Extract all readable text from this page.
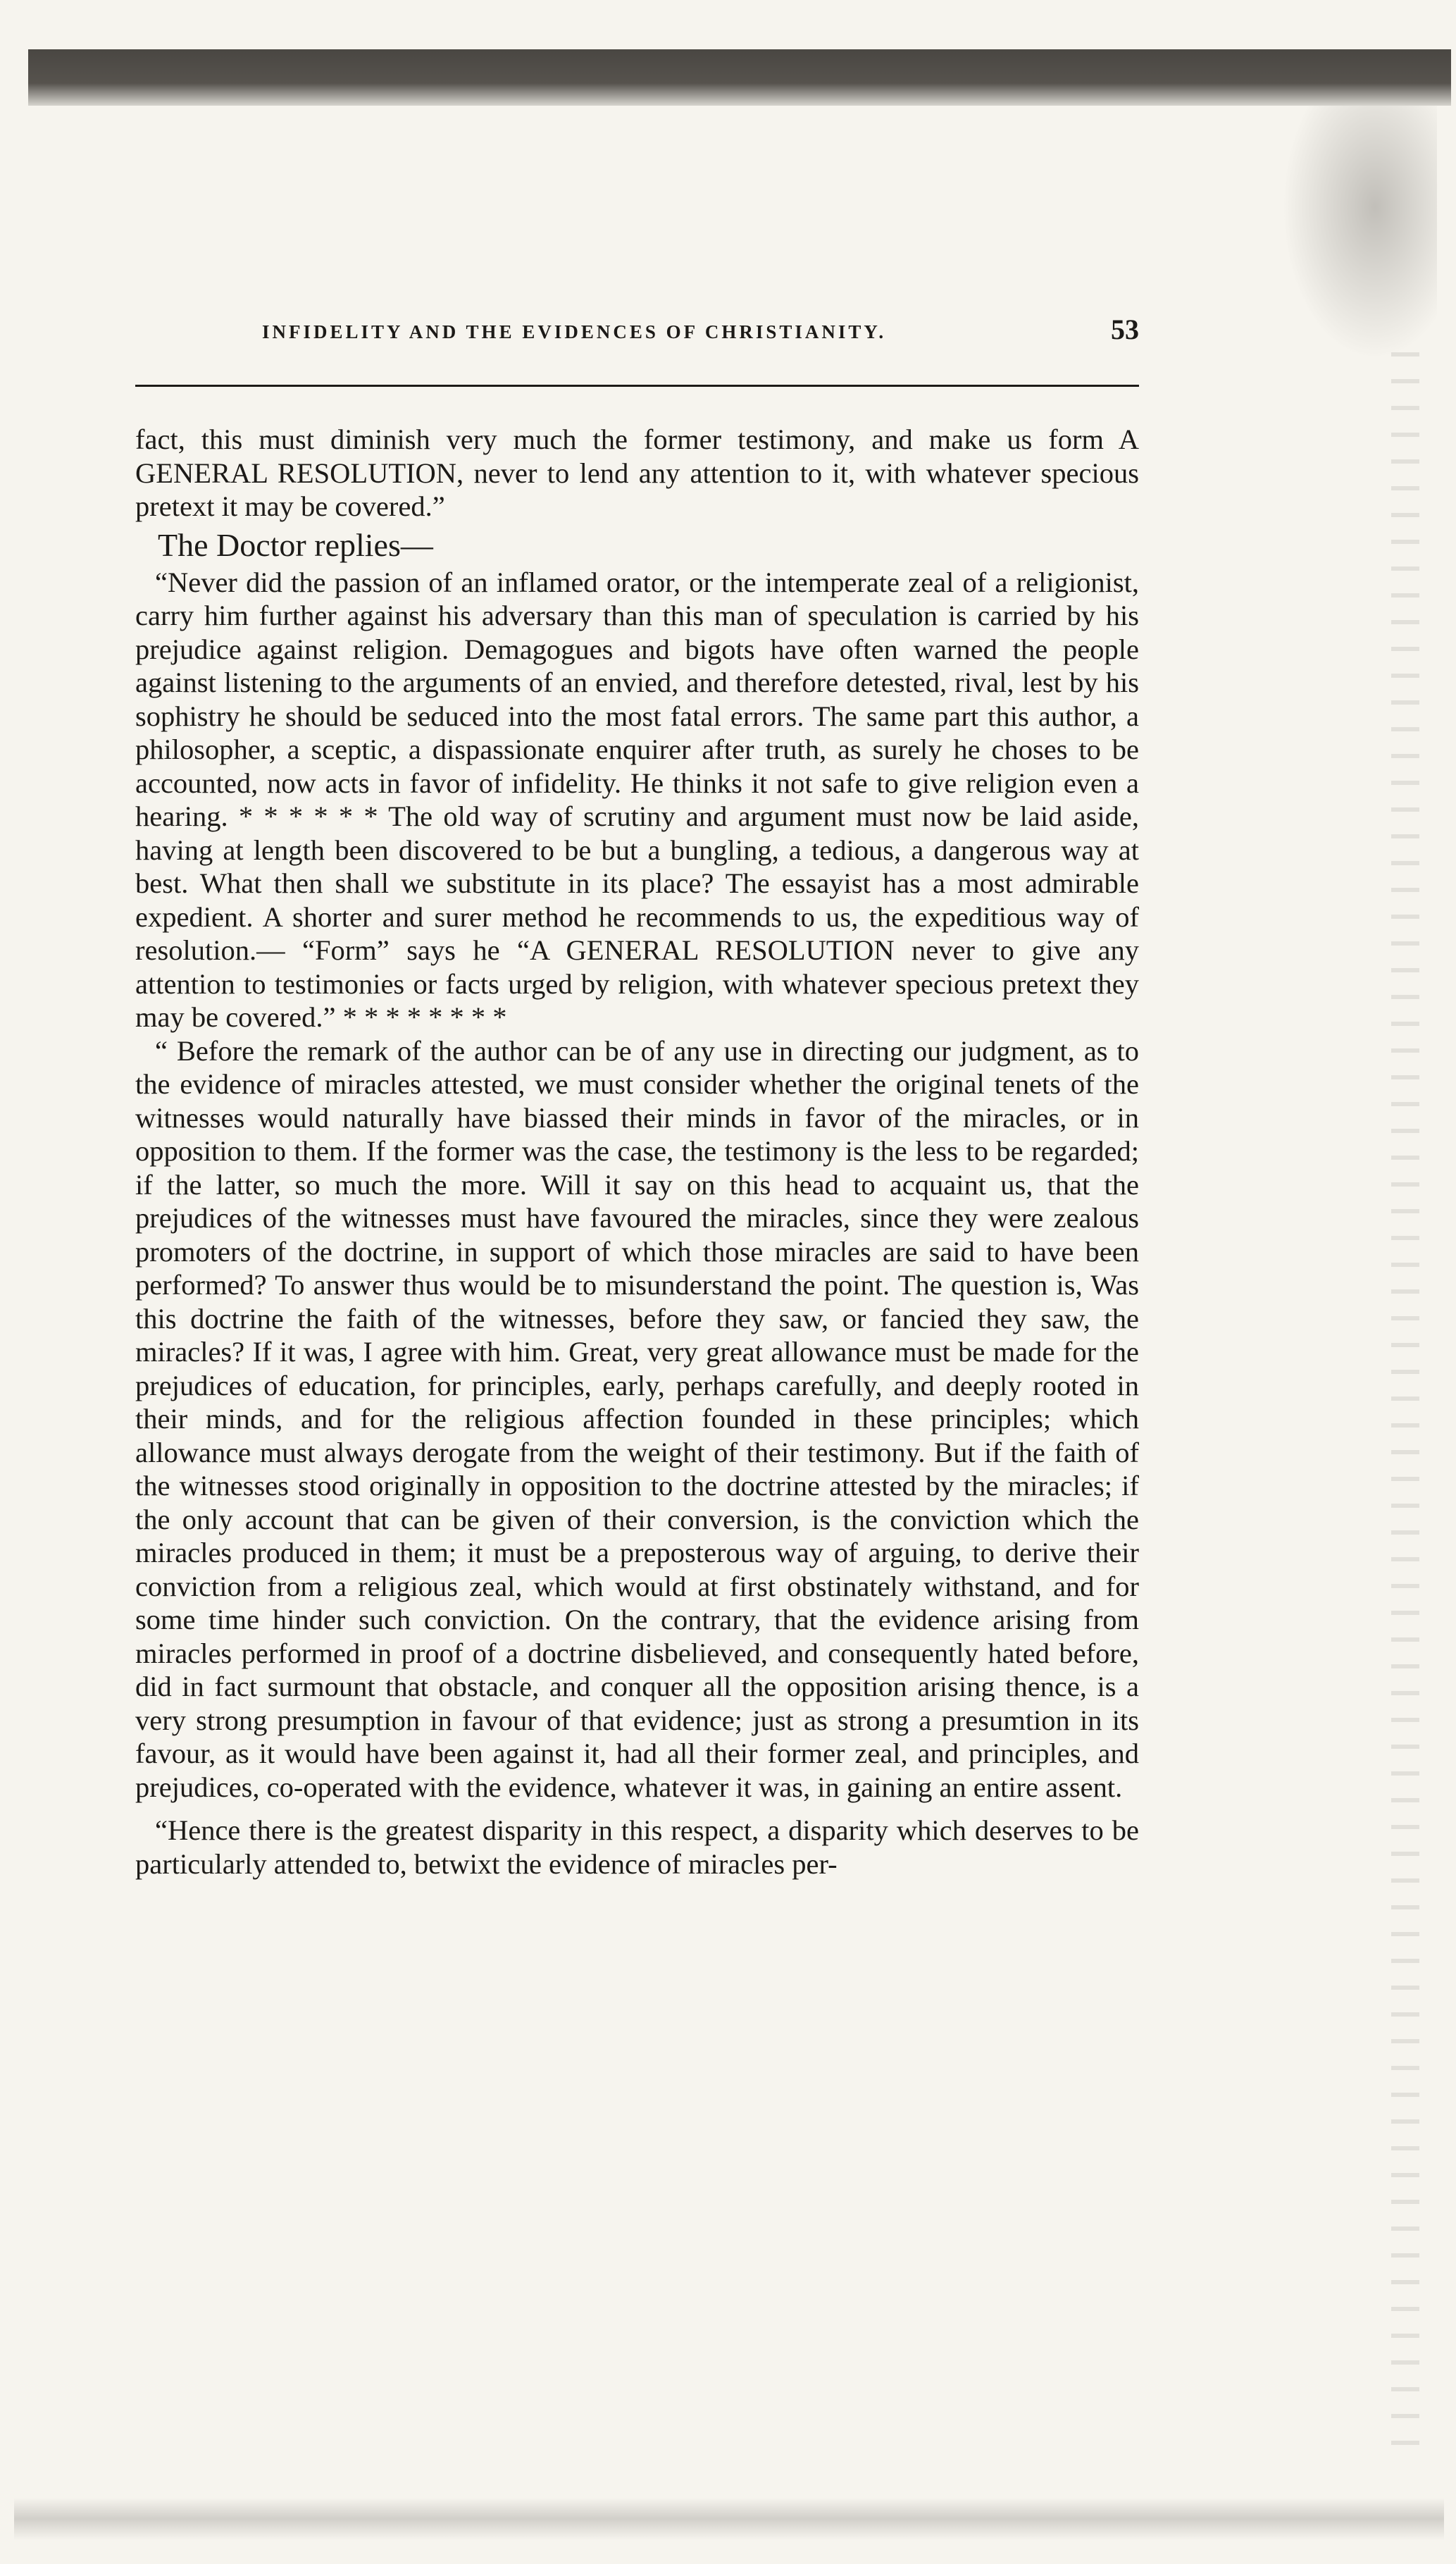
INFIDELITY AND THE EVIDENCES OF CHRISTIANITY.	53

fact, this must diminish very much the former testimony, and make us form A GENERAL RESOLUTION, never to lend any attention to it, with whatever specious pretext it may be covered.”

The Doctor replies—

“Never did the passion of an inflamed orator, or the intemperate zeal of a religionist, carry him further against his adversary than this man of speculation is carried by his prejudice against religion. Demagogues and bigots have often warned the people against listening to the arguments of an envied, and therefore detested, rival, lest by his sophistry he should be seduced into the most fatal errors. The same part this author, a philosopher, a sceptic, a dispassionate enquirer after truth, as surely he choses to be accounted, now acts in favor of infidelity. He thinks it not safe to give religion even a hearing. * * * * * * The old way of scrutiny and argument must now be laid aside, having at length been discovered to be but a bungling, a tedious, a dangerous way at best. What then shall we substitute in its place? The essayist has a most admirable expedient. A shorter and surer method he recommends to us, the expeditious way of resolution.— “Form” says he “A GENERAL RESOLUTION never to give any attention to testimonies or facts urged by religion, with whatever specious pretext they may be covered.” * * * * * * * *

“ Before the remark of the author can be of any use in directing our judgment, as to the evidence of miracles attested, we must consider whether the original tenets of the witnesses would naturally have biassed their minds in favor of the miracles, or in opposition to them. If the former was the case, the testimony is the less to be regarded; if the latter, so much the more. Will it say on this head to acquaint us, that the prejudices of the witnesses must have favoured the miracles, since they were zealous promoters of the doctrine, in support of which those miracles are said to have been performed? To answer thus would be to misunderstand the point. The question is, Was this doctrine the faith of the witnesses, before they saw, or fancied they saw, the miracles? If it was, I agree with him. Great, very great allowance must be made for the prejudices of education, for principles, early, perhaps carefully, and deeply rooted in their minds, and for the religious affection founded in these principles; which allowance must always derogate from the weight of their testimony. But if the faith of the witnesses stood originally in opposition to the doctrine attested by the miracles; if the only account that can be given of their conversion, is the conviction which the miracles produced in them; it must be a preposterous way of arguing, to derive their conviction from a religious zeal, which would at first obstinately withstand, and for some time hinder such conviction. On the contrary, that the evidence arising from miracles performed in proof of a doctrine disbelieved, and consequently hated before, did in fact surmount that obstacle, and conquer all the opposition arising thence, is a very strong presumption in favour of that evidence; just as strong a presumtion in its favour, as it would have been against it, had all their former zeal, and principles, and prejudices, co-operated with the evidence, whatever it was, in gaining an entire assent.

“Hence there is the greatest disparity in this respect, a disparity which deserves to be particularly attended to, betwixt the evidence of miracles per-
